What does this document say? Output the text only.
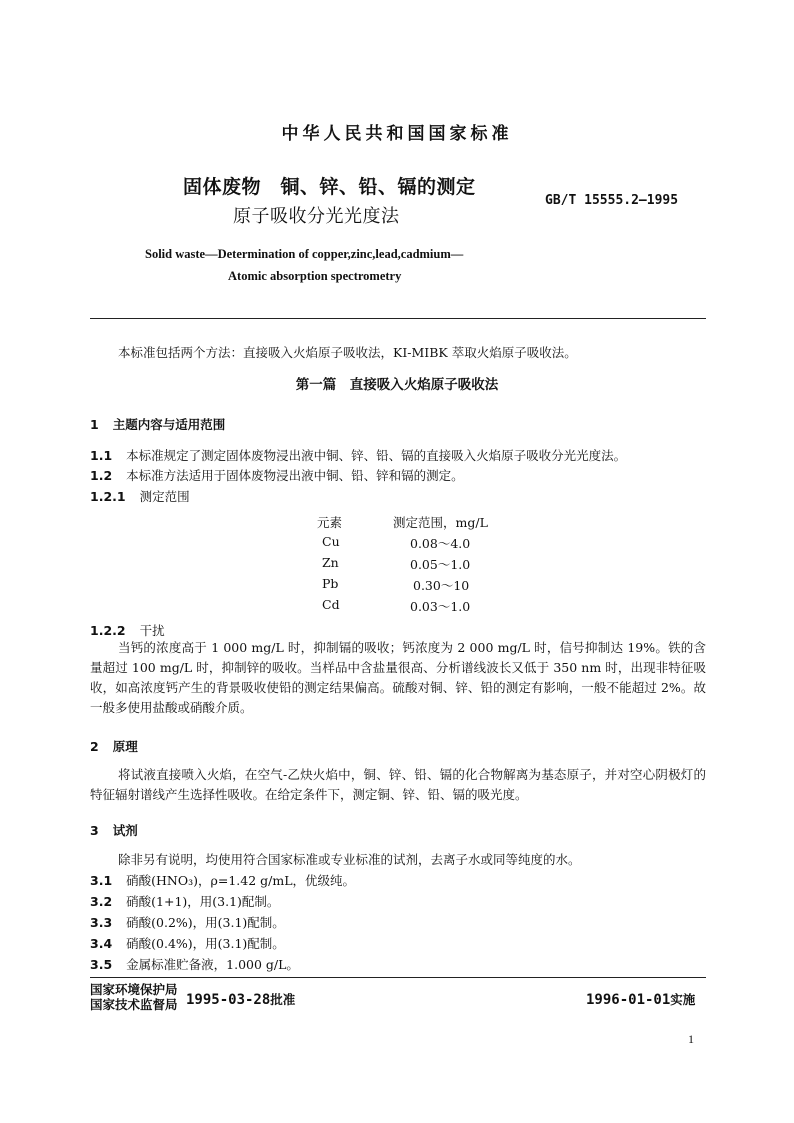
中华人民共和国国家标准
固体废物　铜、锌、铅、镉的测定
原子吸收分光光度法
GB/T 15555.2—1995
Solid waste—Determination of copper,zinc,lead,cadmium—
Atomic absorption spectrometry
本标准包括两个方法：直接吸入火焰原子吸收法，KI-MIBK 萃取火焰原子吸收法。
第一篇　直接吸入火焰原子吸收法
1 主题内容与适用范围
1.1 本标准规定了测定固体废物浸出液中铜、锌、铅、镉的直接吸入火焰原子吸收分光光度法。
1.2 本标准方法适用于固体废物浸出液中铜、铅、锌和镉的测定。
1.2.1 测定范围
元素	测定范围，mg/L
Cu	0.08～4.0
Zn	0.05～1.0
Pb	0.30～10
Cd	0.03～1.0
1.2.2 干扰

当钙的浓度高于 1 000 mg/L 时，抑制镉的吸收；钙浓度为 2 000 mg/L 时，信号抑制达 19%。铁的含量超过 100 mg/L 时，抑制锌的吸收。当样品中含盐量很高、分析谱线波长又低于 350 nm 时，出现非特征吸收，如高浓度钙产生的背景吸收使铅的测定结果偏高。硫酸对铜、锌、铅的测定有影响，一般不能超过 2%。故一般多使用盐酸或硝酸介质。

2 原理

将试液直接喷入火焰，在空气-乙炔火焰中，铜、锌、铅、镉的化合物解离为基态原子，并对空心阴极灯的特征辐射谱线产生选择性吸收。在给定条件下，测定铜、锌、铅、镉的吸光度。

3 试剂
除非另有说明，均使用符合国家标准或专业标准的试剂，去离子水或同等纯度的水。
3.1 硝酸(HNO₃)，ρ=1.42 g/mL，优级纯。
3.2 硝酸(1+1)，用(3.1)配制。
3.3 硝酸(0.2%)，用(3.1)配制。
3.4 硝酸(0.4%)，用(3.1)配制。
3.5 金属标准贮备液，1.000 g/L。
国家环境保护局
国家技术监督局 1995-03-28批准	1996-01-01实施
1
